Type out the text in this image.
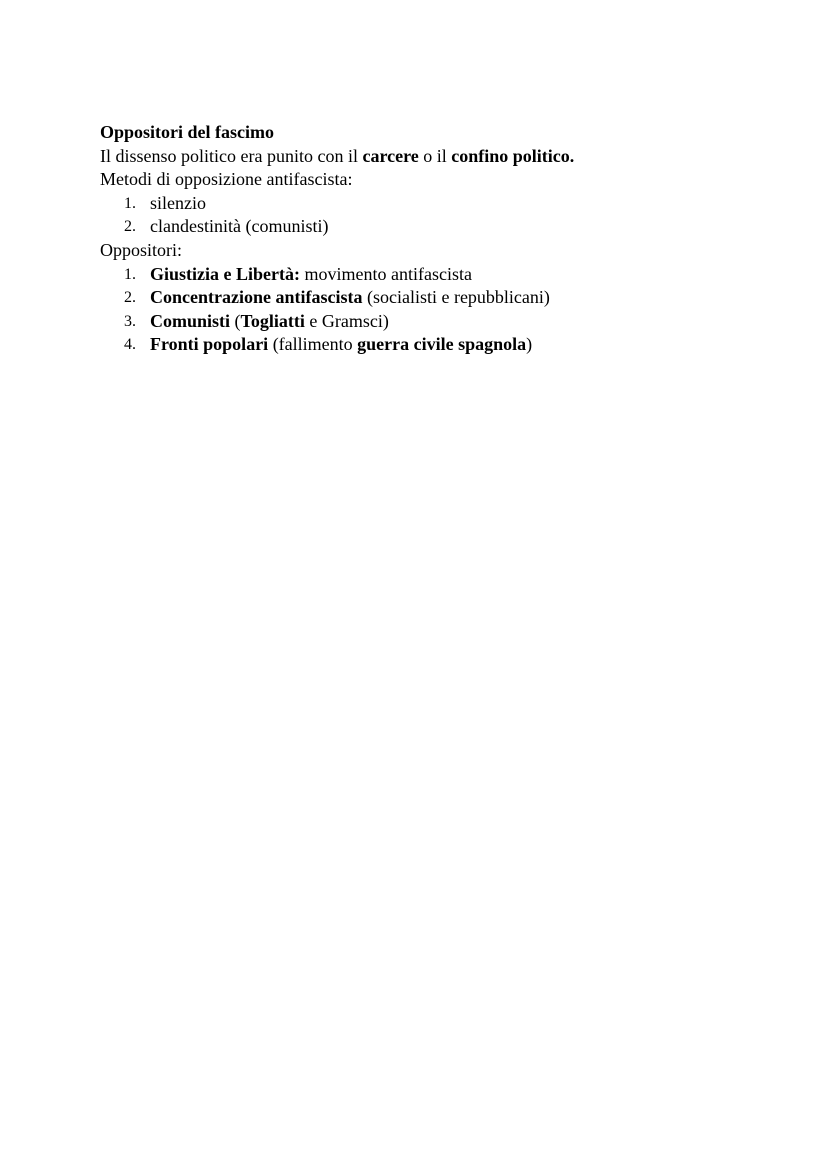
Oppositori del fascimo
Il dissenso politico era punito con il carcere o il confino politico.
Metodi di opposizione antifascista:
1. silenzio
2. clandestinità (comunisti)
Oppositori:
1. Giustizia e Libertà: movimento antifascista
2. Concentrazione antifascista (socialisti e repubblicani)
3. Comunisti (Togliatti e Gramsci)
4. Fronti popolari (fallimento guerra civile spagnola)
